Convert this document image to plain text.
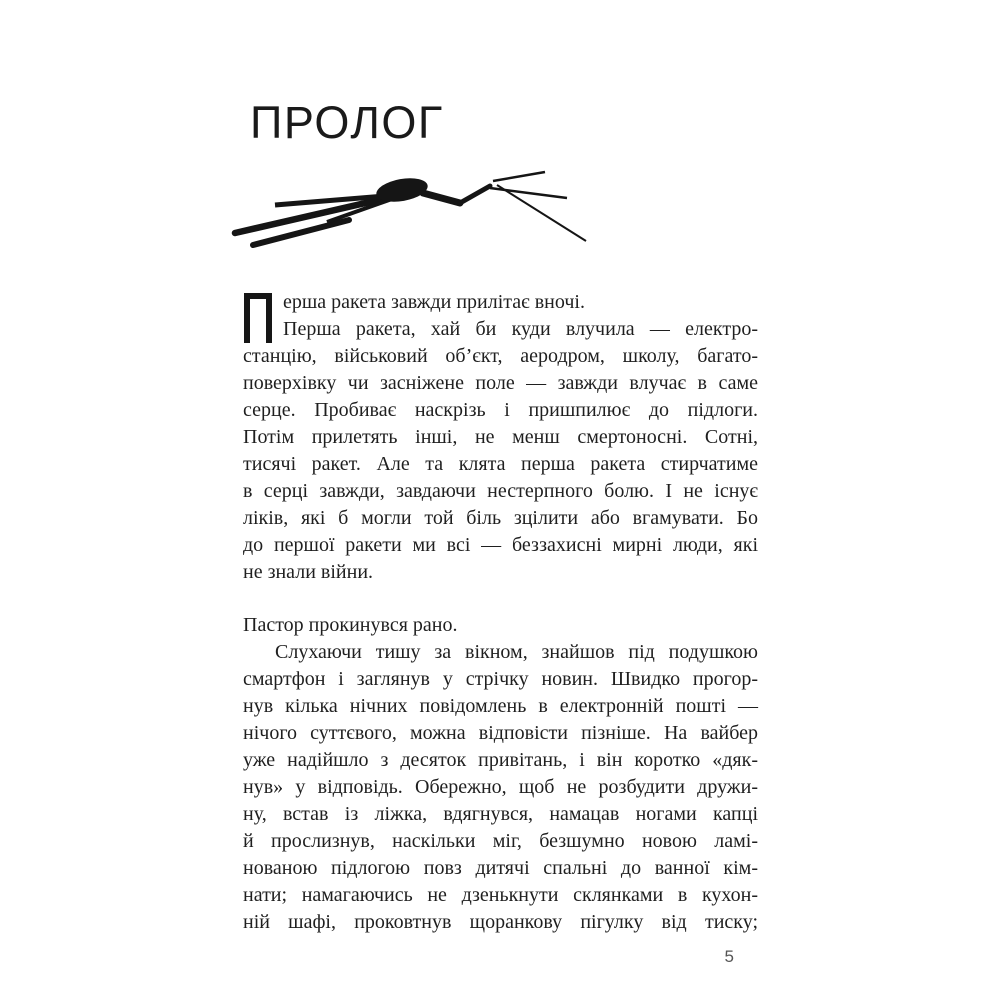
ПРОЛОГ
ерша ракета завжди прилітає вночі.
Перша ракета, хай би куди влучила — електро-
станцію, військовий об’єкт, аеродром, школу, багато-
поверхівку чи засніжене поле — завжди влучає в саме
серце. Пробиває наскрізь і пришпилює до підлоги.
Потім прилетять інші, не менш смертоносні. Сотні,
тисячі ракет. Але та клята перша ракета стирчатиме
в серці завжди, завдаючи нестерпного болю. І не існує
ліків, які б могли той біль зцілити або вгамувати. Бо
до першої ракети ми всі — беззахисні мирні люди, які
не знали війни.
Пастор прокинувся рано.
Слухаючи тишу за вікном, знайшов під подушкою
смартфон і заглянув у стрічку новин. Швидко прогор-
нув кілька нічних повідомлень в електронній пошті —
нічого суттєвого, можна відповісти пізніше. На вайбер
уже надійшло з десяток привітань, і він коротко «дяк-
нув» у відповідь. Обережно, щоб не розбудити дружи-
ну, встав із ліжка, вдягнувся, намацав ногами капці
й прослизнув, наскільки міг, безшумно новою ламі-
нованою підлогою повз дитячі спальні до ванної кім-
нати; намагаючись не дзенькнути склянками в кухон-
ній шафі, проковтнув щоранкову пігулку від тиску;
5
